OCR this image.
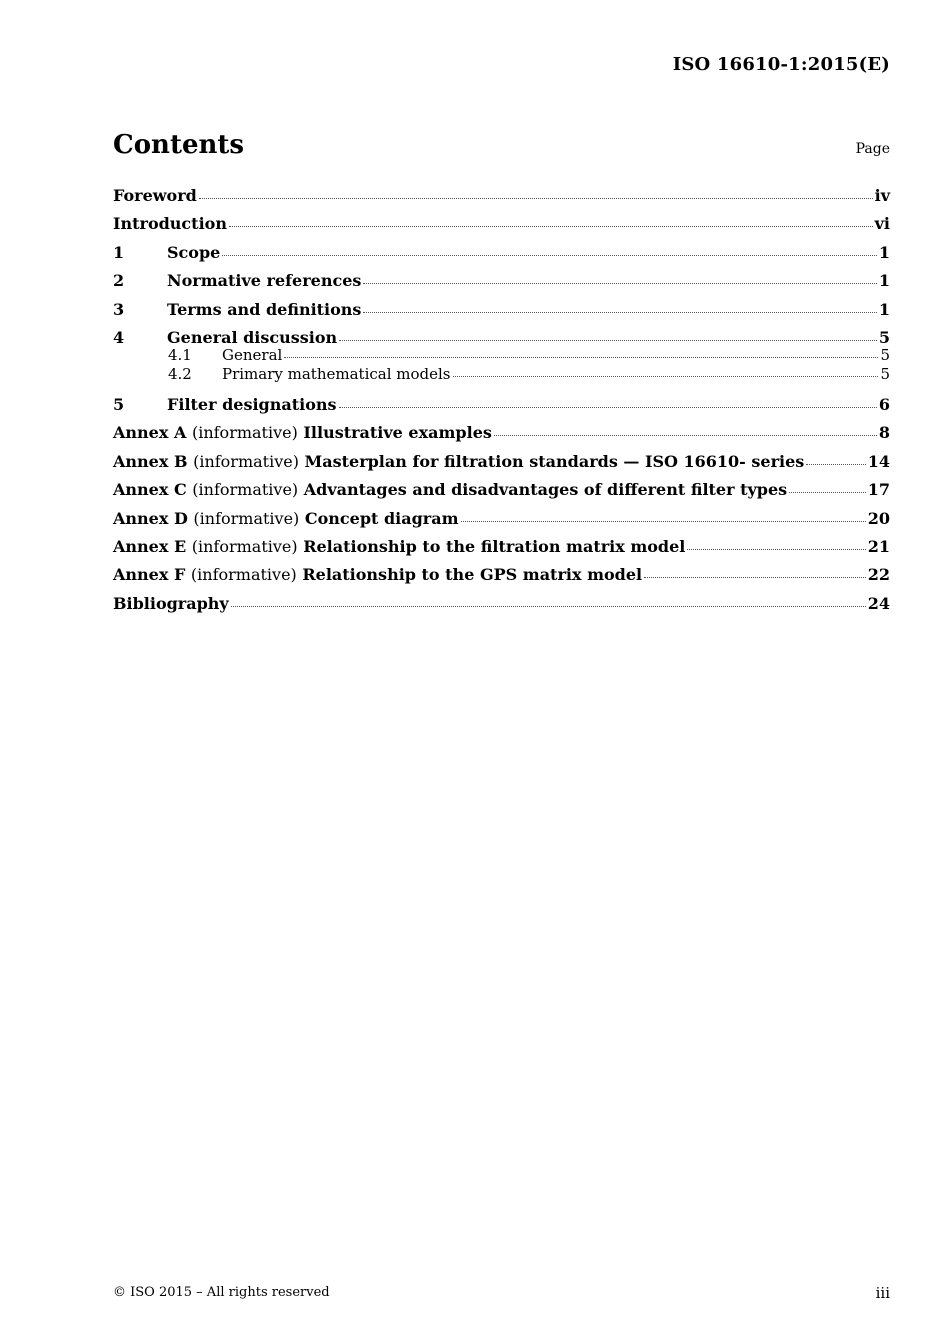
ISO 16610-1:2015(E)
Contents	Page
Foreword	iv
Introduction	vi
1	Scope	1
2	Normative references	1
3	Terms and definitions	1
4	General discussion	5
4.1	General	5
4.2	Primary mathematical models	5
5	Filter designations	6
Annex A (informative) Illustrative examples	8
Annex B (informative) Masterplan for filtration standards — ISO 16610- series	14
Annex C (informative) Advantages and disadvantages of different filter types	17
Annex D (informative) Concept diagram	20
Annex E (informative) Relationship to the filtration matrix model	21
Annex F (informative) Relationship to the GPS matrix model	22
Bibliography	24
© ISO 2015 – All rights reserved	iii
